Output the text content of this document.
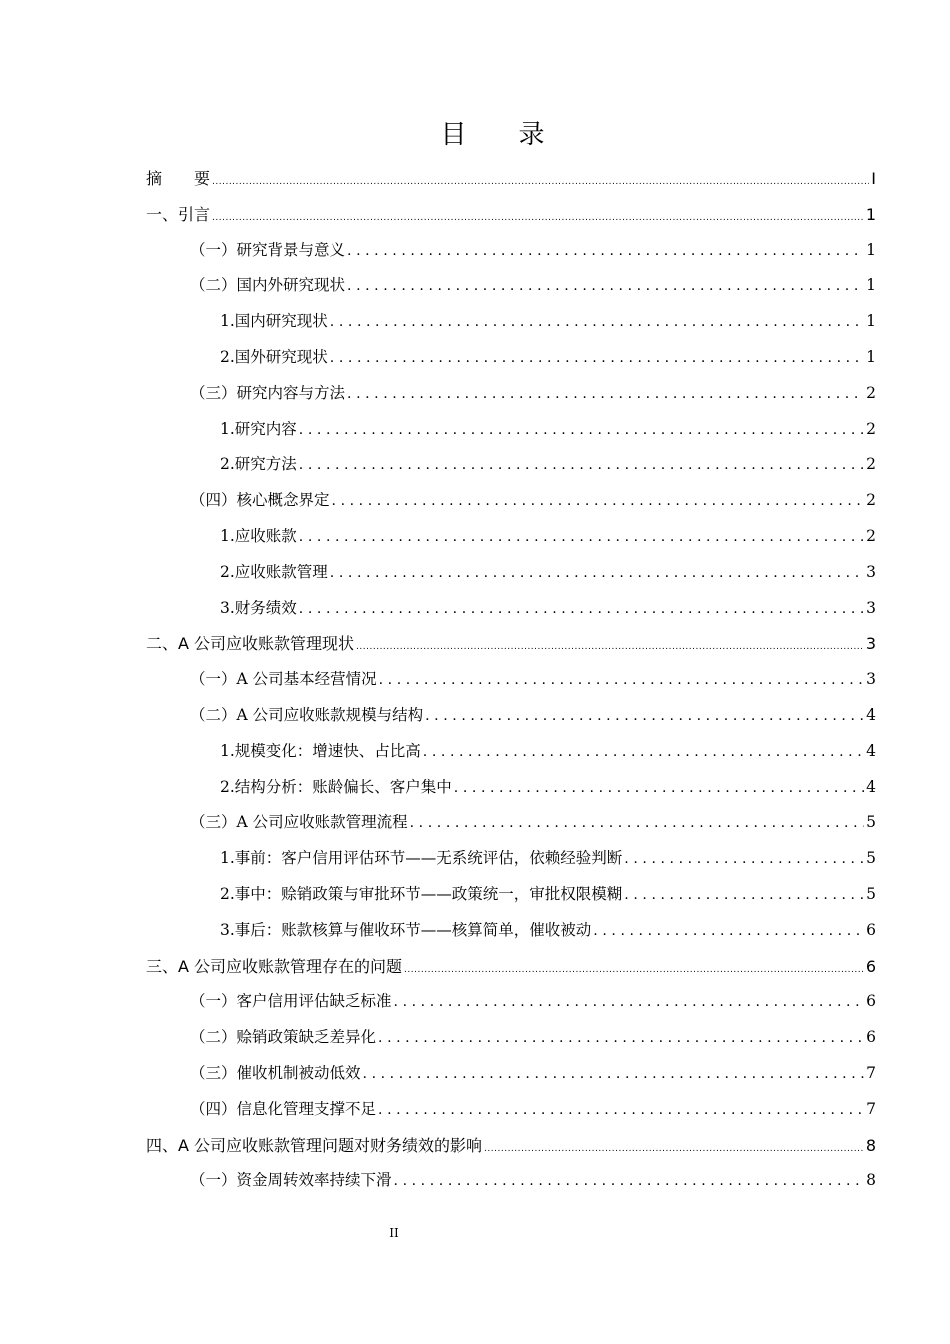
目　　录
摘　　要 .....	I
一、引言 .....	1
（一）研究背景与意义 .....	1
（二）国内外研究现状 .....	1
1.国内研究现状 .....	1
2.国外研究现状 .....	1
（三）研究内容与方法 .....	2
1.研究内容 .....	2
2.研究方法 .....	2
（四）核心概念界定 .....	2
1.应收账款 .....	2
2.应收账款管理 .....	3
3.财务绩效 .....	3
二、A 公司应收账款管理现状 .....	3
（一）A 公司基本经营情况 .....	3
（二）A 公司应收账款规模与结构 .....	4
1.规模变化：增速快、占比高 .....	4
2.结构分析：账龄偏长、客户集中 .....	4
（三）A 公司应收账款管理流程 .....	5
1.事前：客户信用评估环节——无系统评估，依赖经验判断 .....	5
2.事中：赊销政策与审批环节——政策统一，审批权限模糊 .....	5
3.事后：账款核算与催收环节——核算简单，催收被动 .....	6
三、A 公司应收账款管理存在的问题 .....	6
（一）客户信用评估缺乏标准 .....	6
（二）赊销政策缺乏差异化 .....	6
（三）催收机制被动低效 .....	7
（四）信息化管理支撑不足 .....	7
四、A 公司应收账款管理问题对财务绩效的影响 .....	8
（一）资金周转效率持续下滑 .....	8
II
